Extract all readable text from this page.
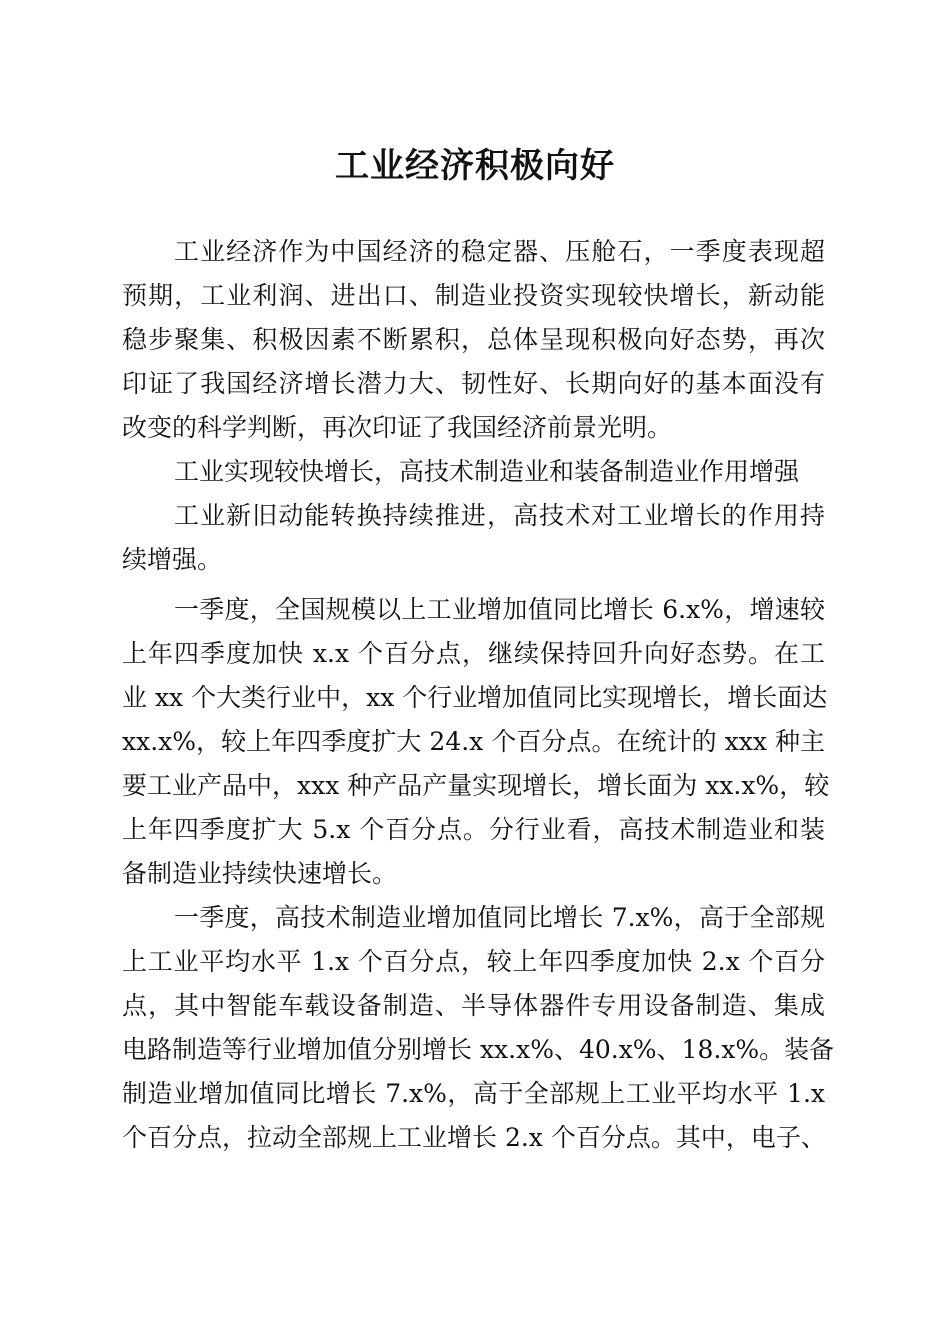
工业经济积极向好
工业经济作为中国经济的稳定器、压舱石，一季度表现超
预期，工业利润、进出口、制造业投资实现较快增长，新动能
稳步聚集、积极因素不断累积，总体呈现积极向好态势，再次
印证了我国经济增长潜力大、韧性好、长期向好的基本面没有
改变的科学判断，再次印证了我国经济前景光明。
工业实现较快增长，高技术制造业和装备制造业作用增强
工业新旧动能转换持续推进，高技术对工业增长的作用持
续增强。
一季度，全国规模以上工业增加值同比增长 6.x%，增速较
上年四季度加快 x.x 个百分点，继续保持回升向好态势。在工
业 xx 个大类行业中，xx 个行业增加值同比实现增长，增长面达
xx.x%，较上年四季度扩大 24.x 个百分点。在统计的 xxx 种主
要工业产品中，xxx 种产品产量实现增长，增长面为 xx.x%，较
上年四季度扩大 5.x 个百分点。分行业看，高技术制造业和装
备制造业持续快速增长。
一季度，高技术制造业增加值同比增长 7.x%，高于全部规
上工业平均水平 1.x 个百分点，较上年四季度加快 2.x 个百分
点，其中智能车载设备制造、半导体器件专用设备制造、集成
电路制造等行业增加值分别增长 xx.x%、40.x%、18.x%。装备
制造业增加值同比增长 7.x%，高于全部规上工业平均水平 1.x
个百分点，拉动全部规上工业增长 2.x 个百分点。其中，电子、
